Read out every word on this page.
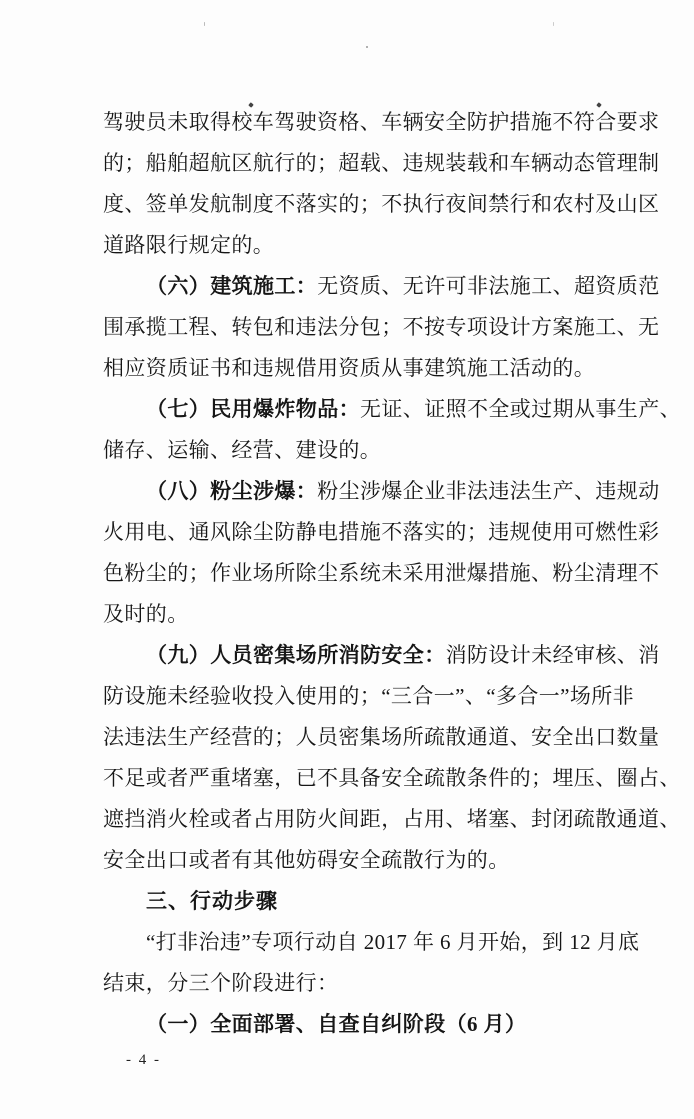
驾驶员未取得校车驾驶资格、车辆安全防护措施不符合要求
的；船舶超航区航行的；超载、违规装载和车辆动态管理制
度、签单发航制度不落实的；不执行夜间禁行和农村及山区
道路限行规定的。
（六）建筑施工：无资质、无许可非法施工、超资质范
围承揽工程、转包和违法分包；不按专项设计方案施工、无
相应资质证书和违规借用资质从事建筑施工活动的。
（七）民用爆炸物品：无证、证照不全或过期从事生产、
储存、运输、经营、建设的。
（八）粉尘涉爆：粉尘涉爆企业非法违法生产、违规动
火用电、通风除尘防静电措施不落实的；违规使用可燃性彩
色粉尘的；作业场所除尘系统未采用泄爆措施、粉尘清理不
及时的。
（九）人员密集场所消防安全：消防设计未经审核、消
防设施未经验收投入使用的；“三合一”、“多合一”场所非
法违法生产经营的；人员密集场所疏散通道、安全出口数量
不足或者严重堵塞，已不具备安全疏散条件的；埋压、圈占、
遮挡消火栓或者占用防火间距，占用、堵塞、封闭疏散通道、
安全出口或者有其他妨碍安全疏散行为的。
三、行动步骤
“打非治违”专项行动自 2017 年 6 月开始，到 12 月底
结束，分三个阶段进行：
（一）全面部署、自查自纠阶段（6 月）
- 4 -
